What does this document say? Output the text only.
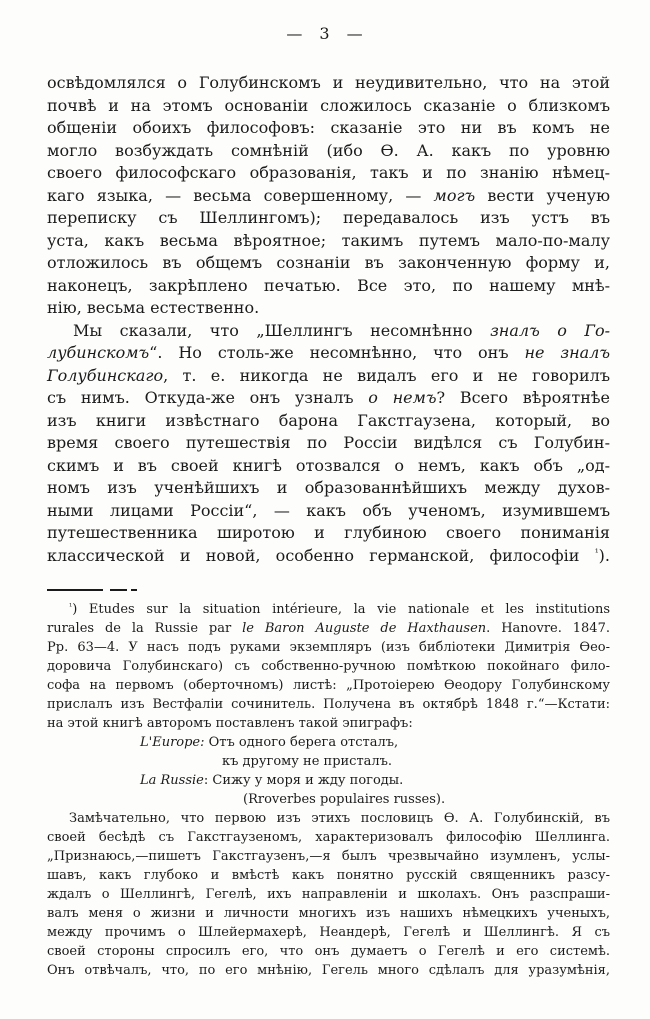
— 3 —
освѣдомлялся о Голубинскомъ и неудивительно, что на этой
почвѣ и на этомъ основаніи сложилось сказаніе о близкомъ
общеніи обоихъ философовъ: сказаніе это ни въ комъ не
могло возбуждать сомнѣній (ибо Ѳ. А. какъ по уровню
своего философскаго образованія, такъ и по знанію нѣмец-
каго языка, — весьма совершенному, — могъ вести ученую
переписку съ Шеллингомъ); передавалось изъ устъ въ
уста, какъ весьма вѣроятное; такимъ путемъ мало-по-малу
отложилось въ общемъ сознаніи въ законченную форму и,
наконецъ, закрѣплено печатью. Все это, по нашему мнѣ-
нію, весьма естественно.
Мы сказали, что „Шеллингъ несомнѣнно зналъ о Го-
лубинскомъ“. Но столь-же несомнѣнно, что онъ не зналъ
Голубинскаго, т. е. никогда не видалъ его и не говорилъ
съ нимъ. Откуда-же онъ узналъ о немъ? Всего вѣроятнѣе
изъ книги извѣстнаго барона Гакстгаузена, который, во
время своего путешествія по Россіи видѣлся съ Голубин-
скимъ и въ своей книгѣ отозвался о немъ, какъ объ „од-
номъ изъ ученѣйшихъ и образованнѣйшихъ между духов-
ными лицами Россіи“, — какъ объ ученомъ, изумившемъ
путешественника широтою и глубиною своего пониманія
классической и новой, особенно германской, философіи $^{^1}$).
$^{^1}$) Etudes sur la situation intérieure, la vie nationale et les institutions
rurales de la Russie par le Baron Auguste de Haxthausen. Hanovre. 1847.
Pp. 63—4. У насъ подъ руками экземпляръ (изъ библіотеки Димитрія Ѳео-
доровича Голубинскаго) съ собственно-ручною помѣткою покойнаго фило-
софа на первомъ (оберточномъ) листѣ: „Протоіерею Ѳеодору Голубинскому
прислалъ изъ Вестфаліи сочинитель. Получена въ октябрѣ 1848 г.“—Кстати:
на этой книгѣ авторомъ поставленъ такой эпиграфъ:
L'Europe: Отъ одного берега отсталъ,
къ другому не присталъ.
La Russie: Сижу у моря и жду погоды.
(Rroverbes populaires russes).
Замѣчательно, что первою изъ этихъ пословицъ Ѳ. А. Голубинскій, въ
своей бесѣдѣ съ Гакстгаузеномъ, характеризовалъ философію Шеллинга.
„Признаюсь,—пишетъ Гакстгаузенъ,—я былъ чрезвычайно изумленъ, услы-
шавъ, какъ глубоко и вмѣстѣ какъ понятно русскій священникъ разсу-
ждалъ о Шеллингѣ, Гегелѣ, ихъ направленіи и школахъ. Онъ разспраши-
валъ меня о жизни и личности многихъ изъ нашихъ нѣмецкихъ ученыхъ,
между прочимъ о Шлейермахерѣ, Неандерѣ, Гегелѣ и Шеллингѣ. Я съ
своей стороны спросилъ его, что онъ думаетъ о Гегелѣ и его системѣ.
Онъ отвѣчалъ, что, по его мнѣнію, Гегель много сдѣлалъ для уразумѣнія,
